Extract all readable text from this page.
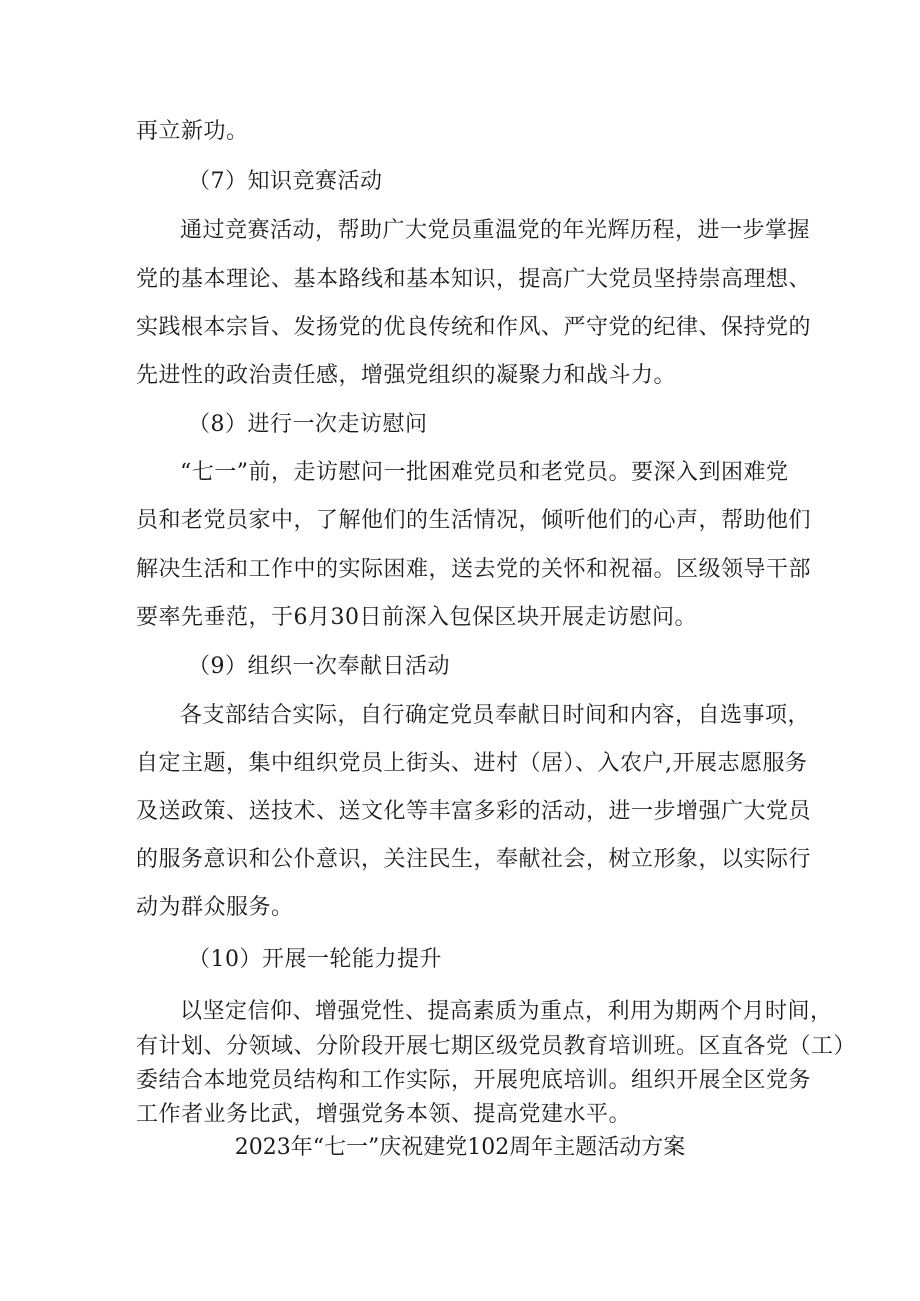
再立新功。
（7）知识竞赛活动
通过竞赛活动，帮助广大党员重温党的年光辉历程，进一步掌握
党的基本理论、基本路线和基本知识，提高广大党员坚持崇高理想、
实践根本宗旨、发扬党的优良传统和作风、严守党的纪律、保持党的
先进性的政治责任感，增强党组织的凝聚力和战斗力。
（8）进行一次走访慰问
“七一”前，走访慰问一批困难党员和老党员。要深入到困难党
员和老党员家中，了解他们的生活情况，倾听他们的心声，帮助他们
解决生活和工作中的实际困难，送去党的关怀和祝福。区级领导干部
要率先垂范，于6月30日前深入包保区块开展走访慰问。
（9）组织一次奉献日活动
各支部结合实际，自行确定党员奉献日时间和内容，自选事项，
自定主题，集中组织党员上街头、进村（居）、入农户,开展志愿服务
及送政策、送技术、送文化等丰富多彩的活动，进一步增强广大党员
的服务意识和公仆意识，关注民生，奉献社会，树立形象，以实际行
动为群众服务。
（10）开展一轮能力提升
以坚定信仰、增强党性、提高素质为重点，利用为期两个月时间，
有计划、分领域、分阶段开展七期区级党员教育培训班。区直各党（工）
委结合本地党员结构和工作实际，开展兜底培训。组织开展全区党务
工作者业务比武，增强党务本领、提高党建水平。
2023年“七一”庆祝建党102周年主题活动方案
